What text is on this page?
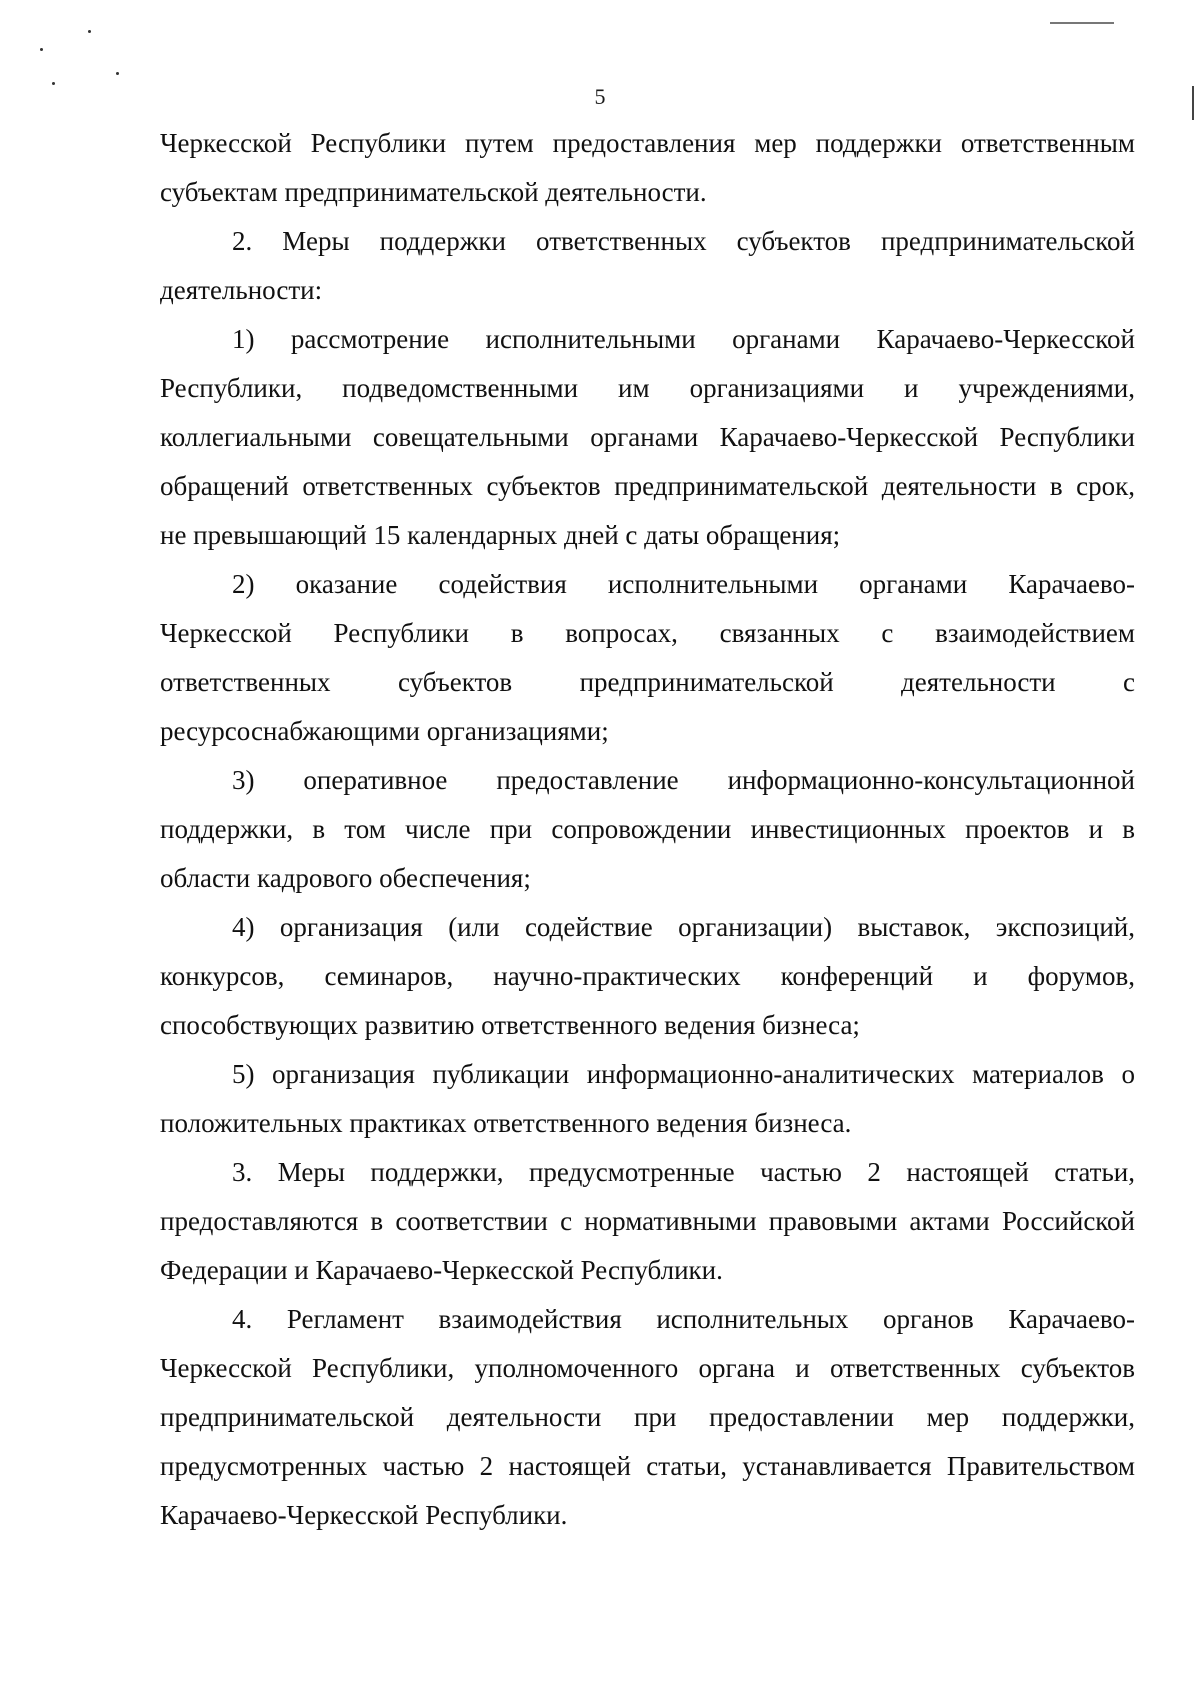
5
Черкесской Республики путем предоставления мер поддержки ответственным
субъектам предпринимательской деятельности.
2. Меры поддержки ответственных субъектов предпринимательской
деятельности:
1) рассмотрение исполнительными органами Карачаево-Черкесской
Республики, подведомственными им организациями и учреждениями,
коллегиальными совещательными органами Карачаево-Черкесской Республики
обращений ответственных субъектов предпринимательской деятельности в срок,
не превышающий 15 календарных дней с даты обращения;
2) оказание содействия исполнительными органами Карачаево-
Черкесской Республики в вопросах, связанных с взаимодействием
ответственных субъектов предпринимательской деятельности с
ресурсоснабжающими организациями;
3) оперативное предоставление информационно-консультационной
поддержки, в том числе при сопровождении инвестиционных проектов и в
области кадрового обеспечения;
4) организация (или содействие организации) выставок, экспозиций,
конкурсов, семинаров, научно-практических конференций и форумов,
способствующих развитию ответственного ведения бизнеса;
5) организация публикации информационно-аналитических материалов о
положительных практиках ответственного ведения бизнеса.
3. Меры поддержки, предусмотренные частью 2 настоящей статьи,
предоставляются в соответствии с нормативными правовыми актами Российской
Федерации и Карачаево-Черкесской Республики.
4. Регламент взаимодействия исполнительных органов Карачаево-
Черкесской Республики, уполномоченного органа и ответственных субъектов
предпринимательской деятельности при предоставлении мер поддержки,
предусмотренных частью 2 настоящей статьи, устанавливается Правительством
Карачаево-Черкесской Республики.
